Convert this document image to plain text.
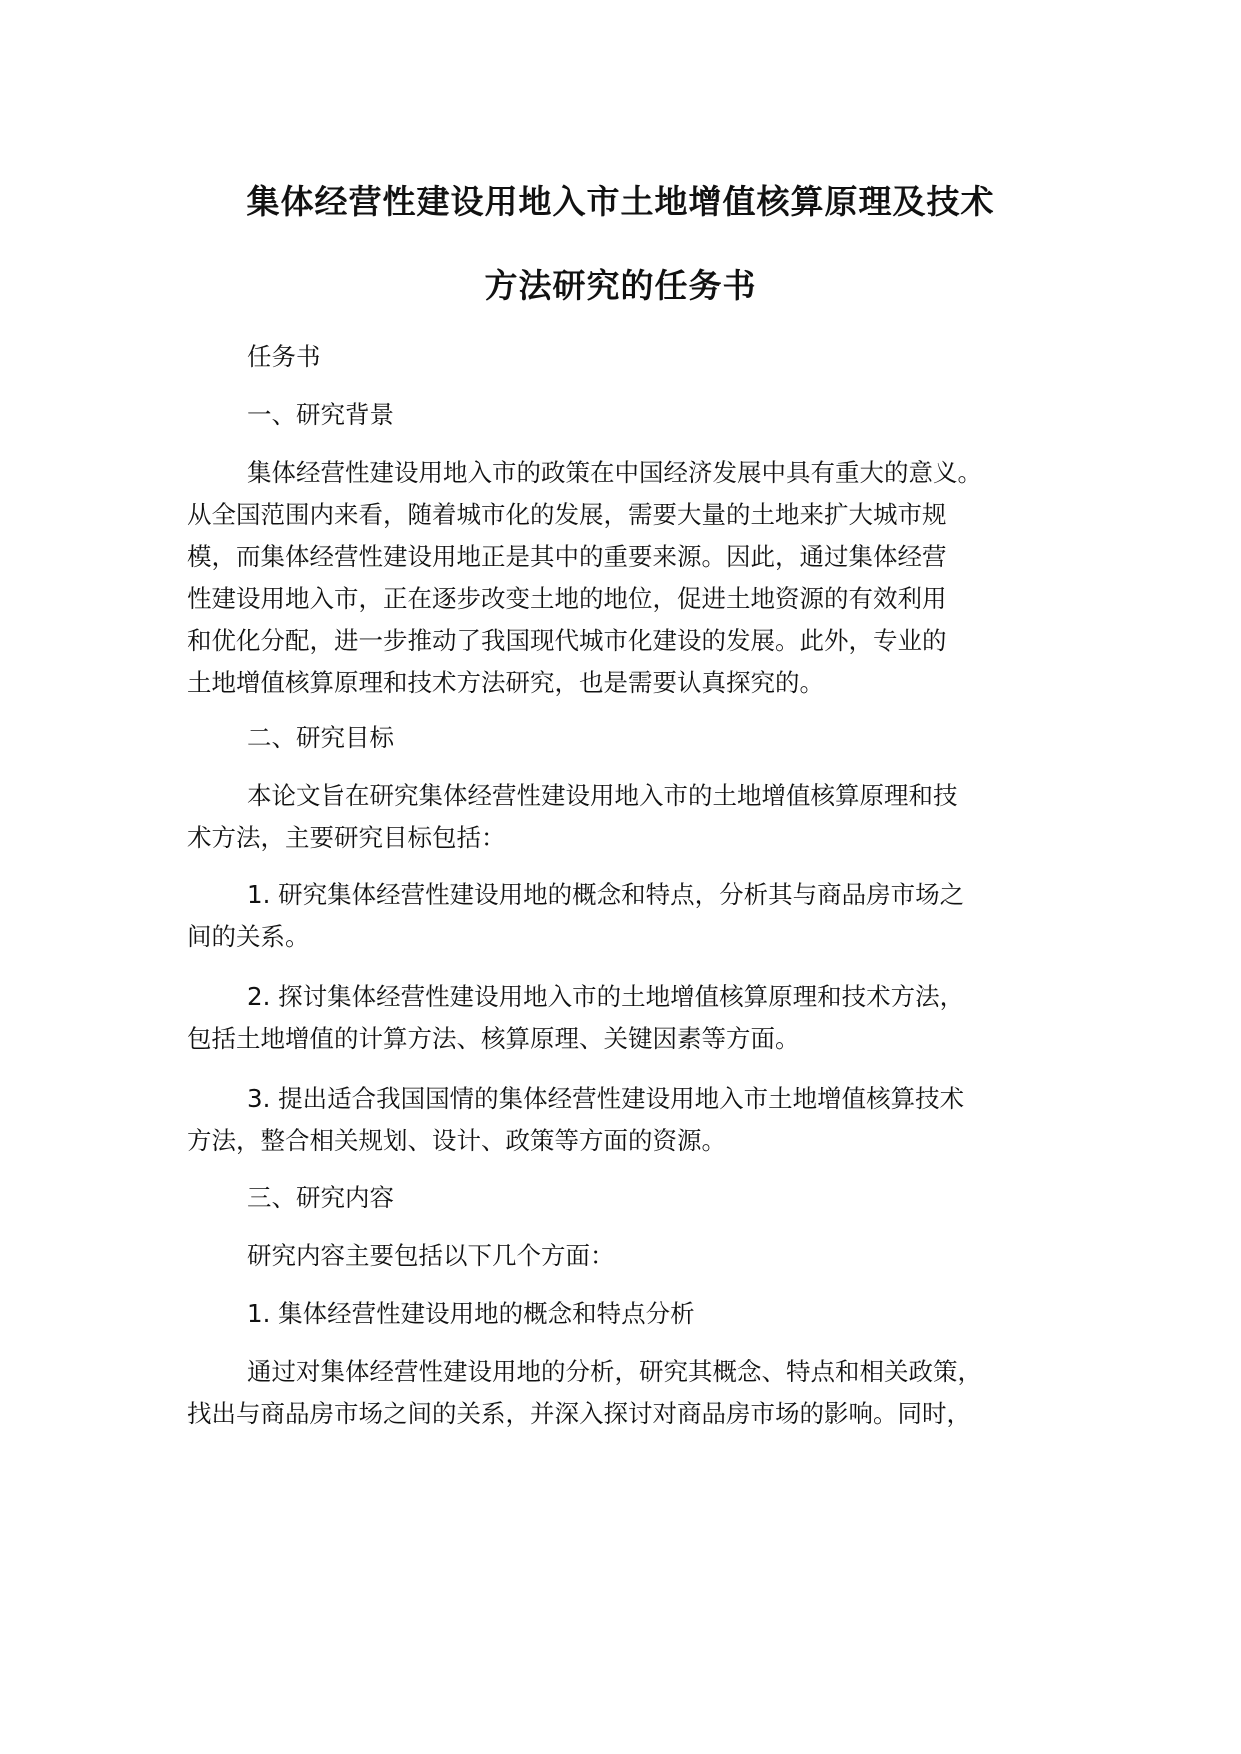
集体经营性建设用地入市土地增值核算原理及技术
方法研究的任务书
任务书
一、研究背景
集体经营性建设用地入市的政策在中国经济发展中具有重大的意义。
从全国范围内来看，随着城市化的发展，需要大量的土地来扩大城市规
模，而集体经营性建设用地正是其中的重要来源。因此，通过集体经营
性建设用地入市，正在逐步改变土地的地位，促进土地资源的有效利用
和优化分配，进一步推动了我国现代城市化建设的发展。此外，专业的
土地增值核算原理和技术方法研究，也是需要认真探究的。
二、研究目标
本论文旨在研究集体经营性建设用地入市的土地增值核算原理和技
术方法，主要研究目标包括：
1. 研究集体经营性建设用地的概念和特点，分析其与商品房市场之
间的关系。
2. 探讨集体经营性建设用地入市的土地增值核算原理和技术方法，
包括土地增值的计算方法、核算原理、关键因素等方面。
3. 提出适合我国国情的集体经营性建设用地入市土地增值核算技术
方法，整合相关规划、设计、政策等方面的资源。
三、研究内容
研究内容主要包括以下几个方面：
1. 集体经营性建设用地的概念和特点分析
通过对集体经营性建设用地的分析，研究其概念、特点和相关政策，
找出与商品房市场之间的关系，并深入探讨对商品房市场的影响。同时，
